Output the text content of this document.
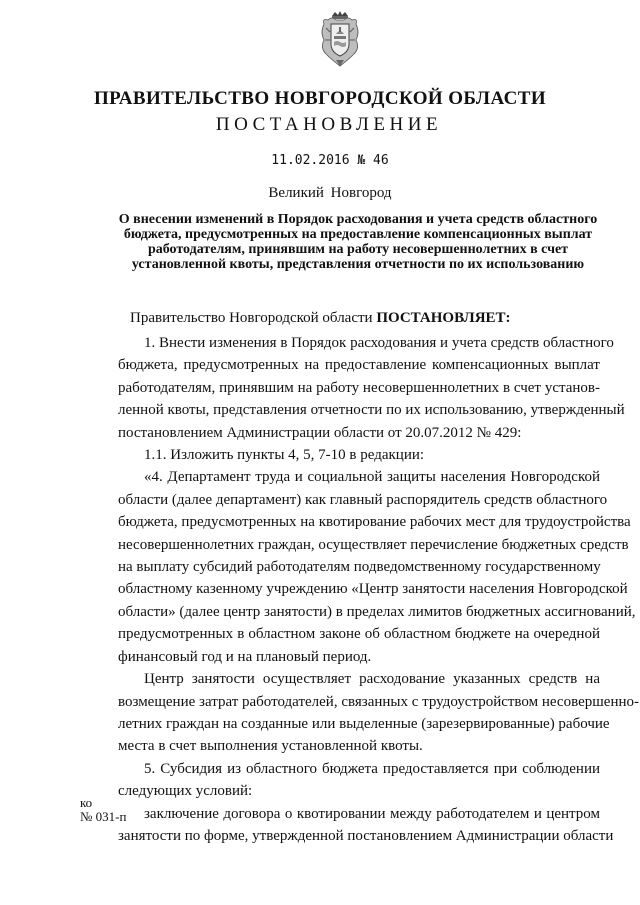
ПРАВИТЕЛЬСТВО НОВГОРОДСКОЙ ОБЛАСТИ
ПОСТАНОВЛЕНИЕ
11.02.2016 № 46
Великий Новгород
О внесении изменений в Порядок расходования и учета средств областного
бюджета, предусмотренных на предоставление компенсационных выплат
работодателям, принявшим на работу несовершеннолетних в счет
установленной квоты, представления отчетности по их использованию
Правительство Новгородской области ПОСТАНОВЛЯЕТ:
1. Внести изменения в Порядок расходования и учета средств областного
бюджета, предусмотренных на предоставление компенсационных выплат
работодателям, принявшим на работу несовершеннолетних в счет установ-
ленной квоты, представления отчетности по их использованию, утвержденный
постановлением Администрации области от 20.07.2012 № 429:
1.1. Изложить пункты 4, 5, 7-10 в редакции:
«4. Департамент труда и социальной защиты населения Новгородской
области (далее департамент) как главный распорядитель средств областного
бюджета, предусмотренных на квотирование рабочих мест для трудоустройства
несовершеннолетних граждан, осуществляет перечисление бюджетных средств
на выплату субсидий работодателям подведомственному государственному
областному казенному учреждению «Центр занятости населения Новгородской
области» (далее центр занятости) в пределах лимитов бюджетных ассигнований,
предусмотренных в областном законе об областном бюджете на очередной
финансовый год и на плановый период.
Центр занятости осуществляет расходование указанных средств на
возмещение затрат работодателей, связанных с трудоустройством несовершенно-
летних граждан на созданные или выделенные (зарезервированные) рабочие
места в счет выполнения установленной квоты.
5. Субсидия из областного бюджета предоставляется при соблюдении
следующих условий:
заключение договора о квотировании между работодателем и центром
занятости по форме, утвержденной постановлением Администрации области
ко
№ 031-п
